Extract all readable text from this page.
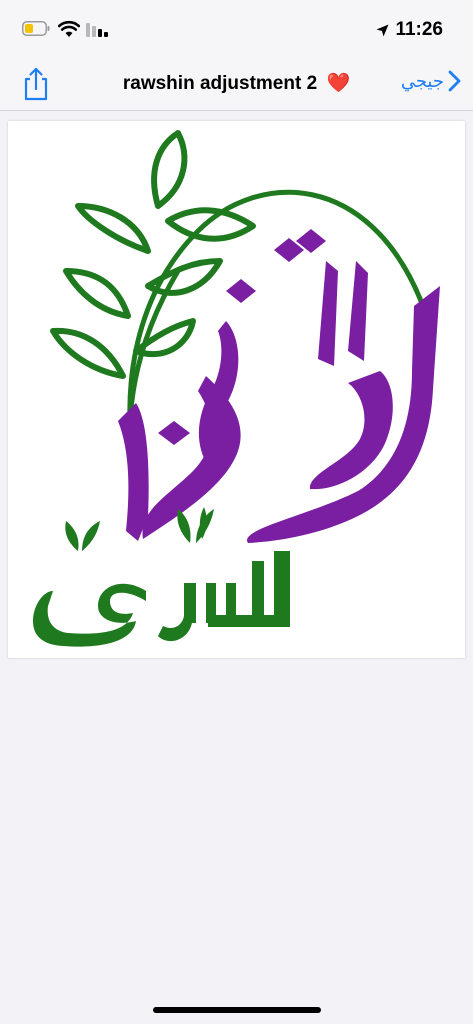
11:26
rawshin adjustment 2 ❤️	جيجي
